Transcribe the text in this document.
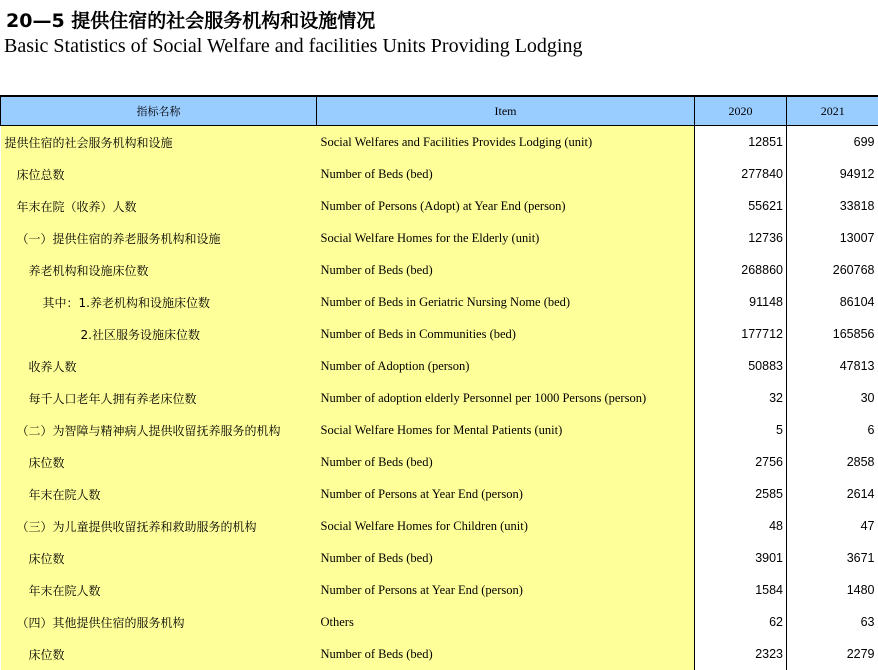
20—5 提供住宿的社会服务机构和设施情况
Basic Statistics of Social Welfare and facilities Units Providing Lodging
指标名称	Item	2020	2021
提供住宿的社会服务机构和设施	Social Welfares and Facilities Provides Lodging (unit)	12851	699
床位总数	Number of Beds (bed)	277840	94912
年末在院（收养）人数	Number of Persons (Adopt) at Year End (person)	55621	33818
（一）提供住宿的养老服务机构和设施	Social Welfare Homes for the Elderly (unit)	12736	13007
养老机构和设施床位数	Number of Beds (bed)	268860	260768
其中：1.养老机构和设施床位数	Number of Beds in Geriatric Nursing Nome (bed)	91148	86104
2.社区服务设施床位数	Number of Beds in Communities (bed)	177712	165856
收养人数	Number of Adoption (person)	50883	47813
每千人口老年人拥有养老床位数	Number of adoption elderly Personnel per 1000 Persons (person)	32	30
（二）为智障与精神病人提供收留抚养服务的机构	Social Welfare Homes for Mental Patients (unit)	5	6
床位数	Number of Beds (bed)	2756	2858
年末在院人数	Number of Persons at Year End (person)	2585	2614
（三）为儿童提供收留抚养和救助服务的机构	Social Welfare Homes for Children (unit)	48	47
床位数	Number of Beds (bed)	3901	3671
年末在院人数	Number of Persons at Year End (person)	1584	1480
（四）其他提供住宿的服务机构	Others	62	63
床位数	Number of Beds (bed)	2323	2279
